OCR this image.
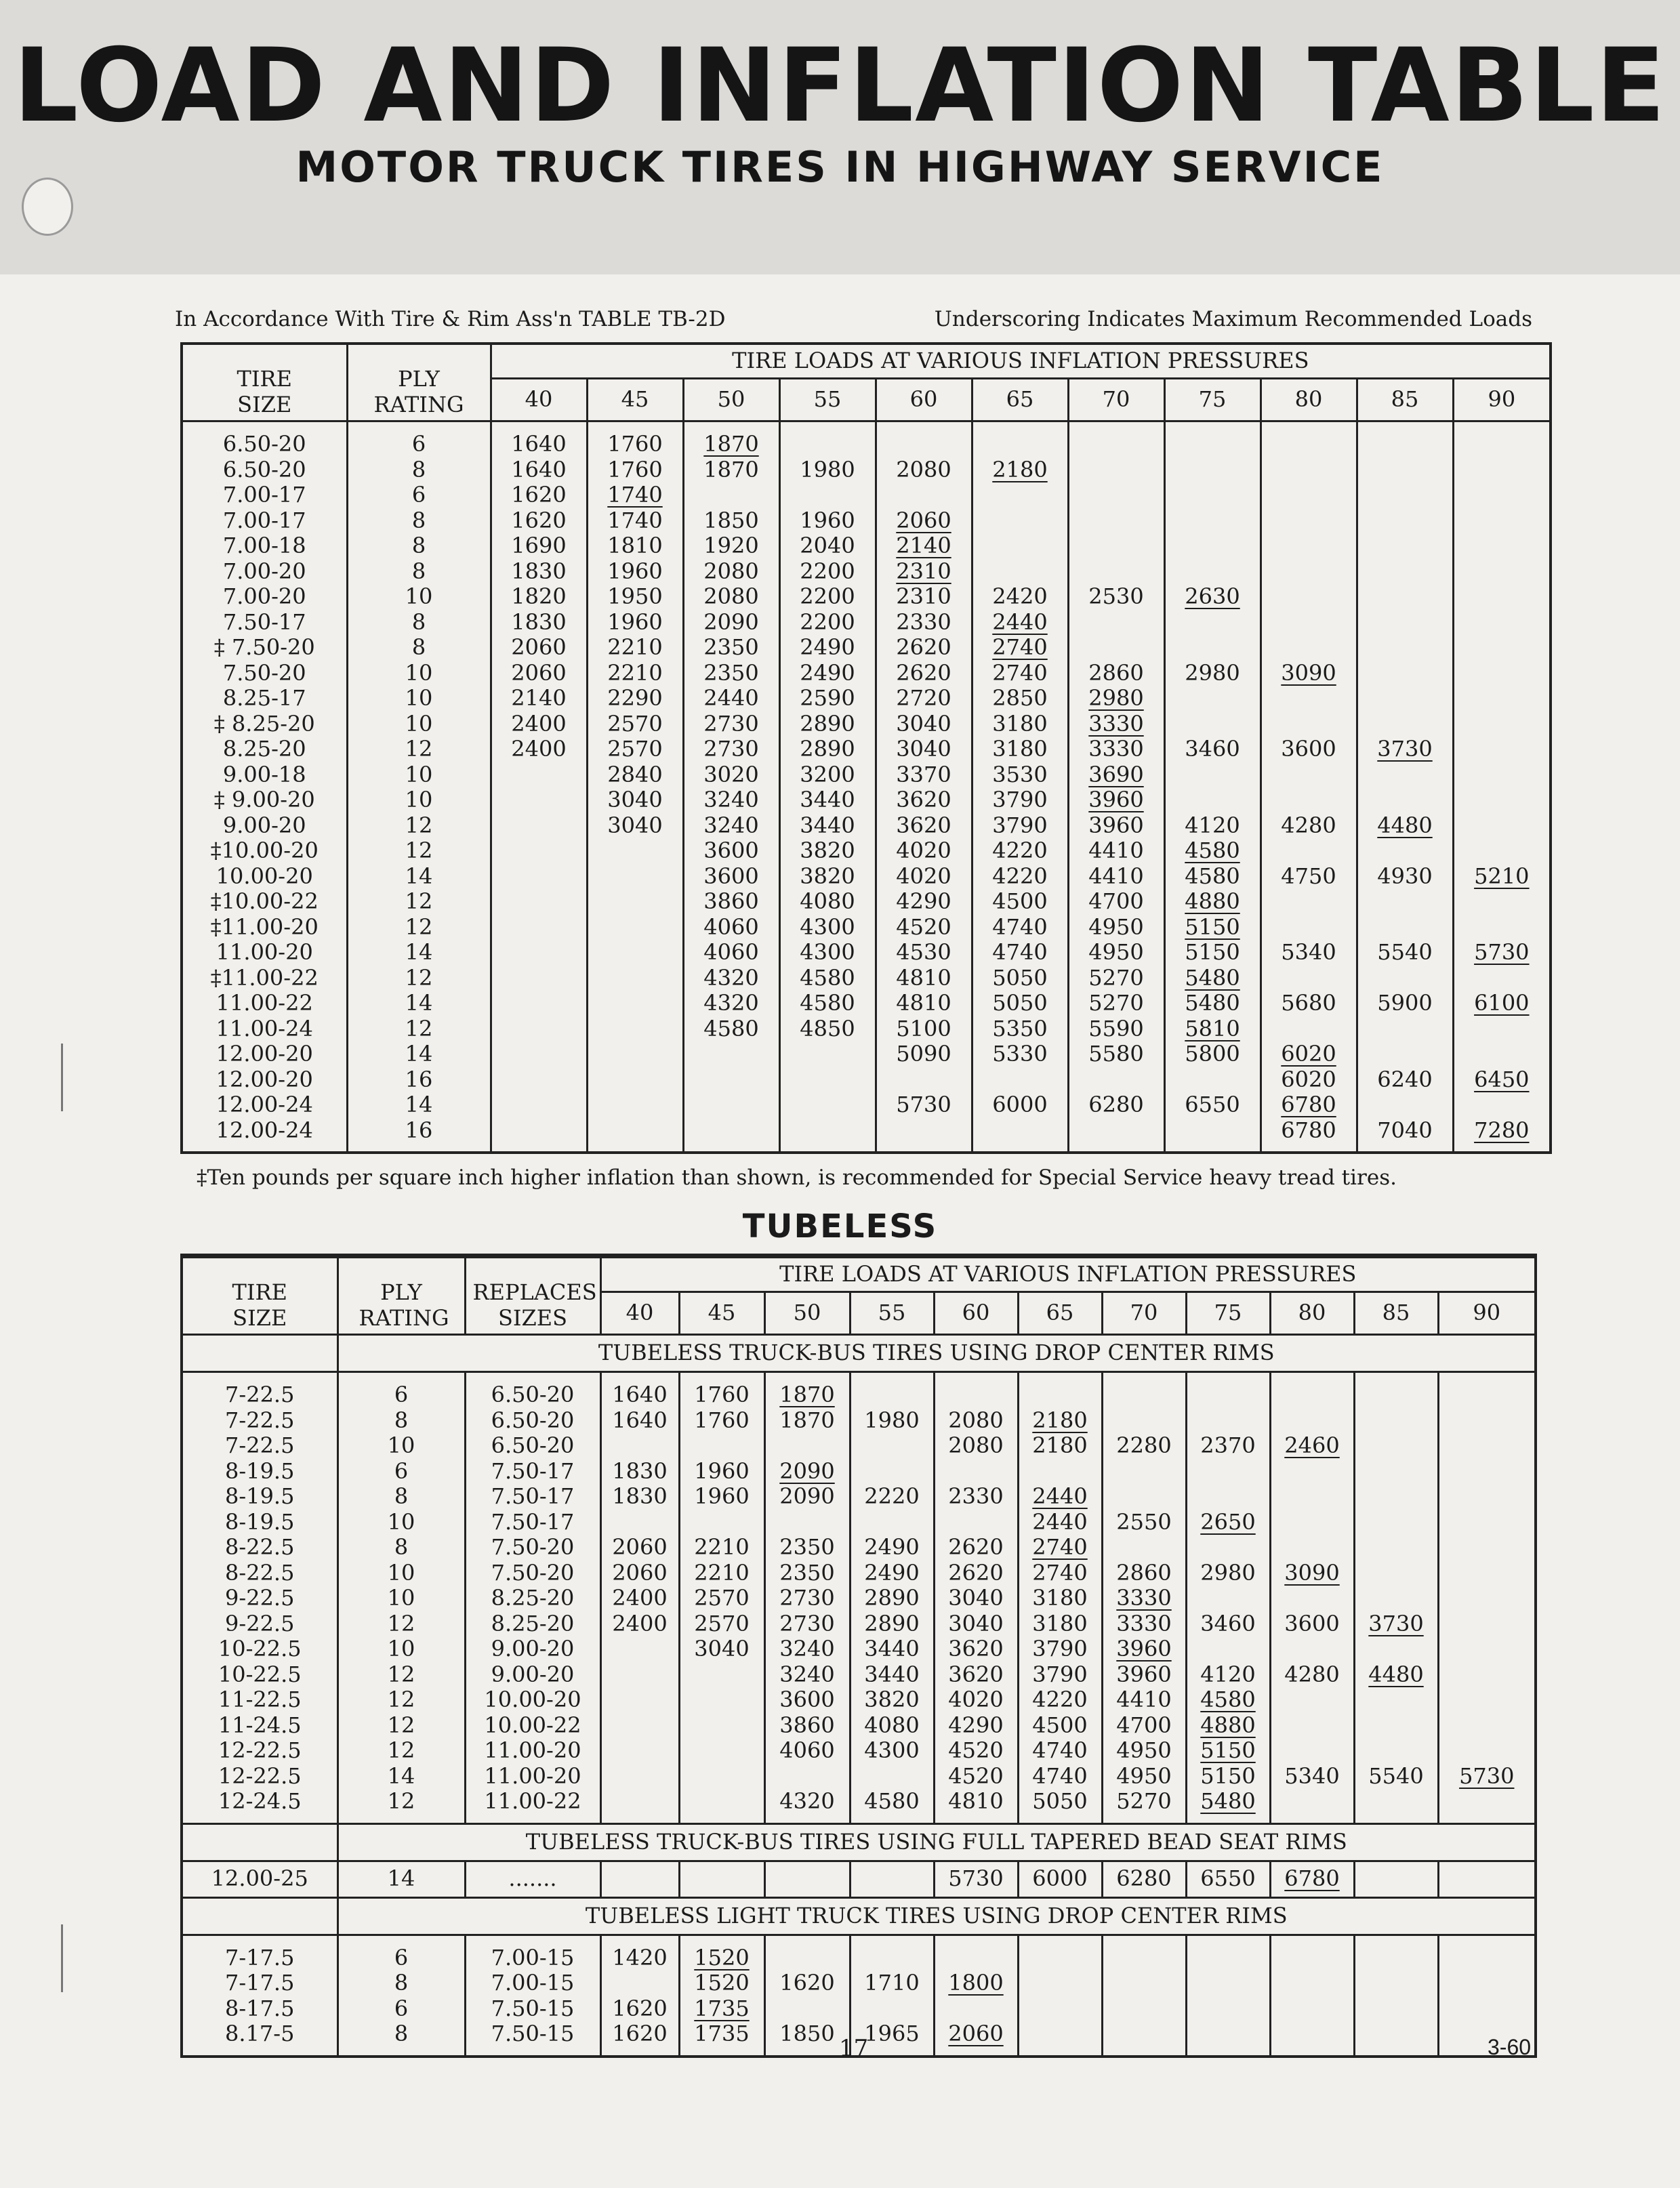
LOAD AND INFLATION TABLE
MOTOR TRUCK TIRES IN HIGHWAY SERVICE
In Accordance With Tire & Rim Ass'n TABLE TB-2D	Underscoring Indicates Maximum Recommended Loads
TIRE SIZE	PLY RATING	TIRE LOADS AT VARIOUS INFLATION PRESSURES										
		40	45	50	55	60	65	70	75	80	85	90
6.50-20	6	1640	1760	1870								
6.50-20	8	1640	1760	1870	1980	2080	2180					
7.00-17	6	1620	1740									
7.00-17	8	1620	1740	1850	1960	2060						
7.00-18	8	1690	1810	1920	2040	2140						
7.00-20	8	1830	1960	2080	2200	2310						
7.00-20	10	1820	1950	2080	2200	2310	2420	2530	2630			
7.50-17	8	1830	1960	2090	2200	2330	2440					
‡ 7.50-20	8	2060	2210	2350	2490	2620	2740					
7.50-20	10	2060	2210	2350	2490	2620	2740	2860	2980	3090		
8.25-17	10	2140	2290	2440	2590	2720	2850	2980				
‡ 8.25-20	10	2400	2570	2730	2890	3040	3180	3330				
8.25-20	12	2400	2570	2730	2890	3040	3180	3330	3460	3600	3730	
9.00-18	10		2840	3020	3200	3370	3530	3690				
‡ 9.00-20	10		3040	3240	3440	3620	3790	3960				
9.00-20	12		3040	3240	3440	3620	3790	3960	4120	4280	4480	
‡10.00-20	12			3600	3820	4020	4220	4410	4580			
10.00-20	14			3600	3820	4020	4220	4410	4580	4750	4930	5210
‡10.00-22	12			3860	4080	4290	4500	4700	4880			
‡11.00-20	12			4060	4300	4520	4740	4950	5150			
11.00-20	14			4060	4300	4530	4740	4950	5150	5340	5540	5730
‡11.00-22	12			4320	4580	4810	5050	5270	5480			
11.00-22	14			4320	4580	4810	5050	5270	5480	5680	5900	6100
11.00-24	12			4580	4850	5100	5350	5590	5810			
12.00-20	14					5090	5330	5580	5800	6020		
12.00-20	16									6020	6240	6450
12.00-24	14					5730	6000	6280	6550	6780		
12.00-24	16									6780	7040	7280
‡Ten pounds per square inch higher inflation than shown, is recommended for Special Service heavy tread tires.

TIRE SIZE	PLY RATING	REPLACES SIZES	TIRE LOADS AT VARIOUS INFLATION PRESSURES										
			40	45	50	55	60	65	70	75	80	85	90
	TUBELESS TRUCK-BUS TIRES USING DROP CENTER RIMS												
7-22.5	6	6.50-20	1640	1760	1870								
7-22.5	8	6.50-20	1640	1760	1870	1980	2080	2180					
7-22.5	10	6.50-20					2080	2180	2280	2370	2460		
8-19.5	6	7.50-17	1830	1960	2090								
8-19.5	8	7.50-17	1830	1960	2090	2220	2330	2440					
8-19.5	10	7.50-17						2440	2550	2650			
8-22.5	8	7.50-20	2060	2210	2350	2490	2620	2740					
8-22.5	10	7.50-20	2060	2210	2350	2490	2620	2740	2860	2980	3090		
9-22.5	10	8.25-20	2400	2570	2730	2890	3040	3180	3330				
9-22.5	12	8.25-20	2400	2570	2730	2890	3040	3180	3330	3460	3600	3730	
10-22.5	10	9.00-20		3040	3240	3440	3620	3790	3960				
10-22.5	12	9.00-20			3240	3440	3620	3790	3960	4120	4280	4480	
11-22.5	12	10.00-20			3600	3820	4020	4220	4410	4580			
11-24.5	12	10.00-22			3860	4080	4290	4500	4700	4880			
12-22.5	12	11.00-20			4060	4300	4520	4740	4950	5150			
12-22.5	14	11.00-20					4520	4740	4950	5150	5340	5540	5730
12-24.5	12	11.00-22			4320	4580	4810	5050	5270	5480			
	TUBELESS TRUCK-BUS TIRES USING FULL TAPERED BEAD SEAT RIMS												
12.00-25	14	.......					5730	6000	6280	6550	6780		
	TUBELESS LIGHT TRUCK TIRES USING DROP CENTER RIMS												
7-17.5	6	7.00-15	1420	1520									
7-17.5	8	7.00-15		1520	1620	1710	1800						
8-17.5	6	7.50-15	1620	1735									
8.17-5	8	7.50-15	1620	1735	1850	1965	2060						
TUBELESS
17	3-60
